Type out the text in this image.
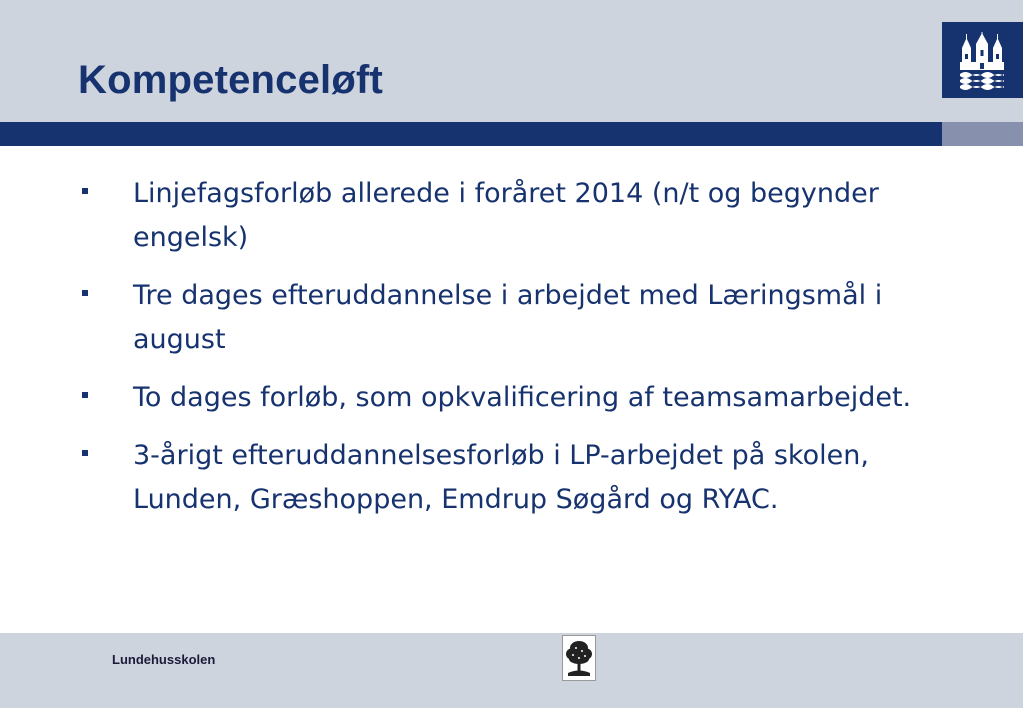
Kompetenceløft

Linjefagsforløb allerede i foråret 2014 (n/t og begynder engelsk)

Tre dages efteruddannelse i arbejdet med Læringsmål i august

To dages forløb, som opkvalificering af teamsamarbejdet.

3-årigt efteruddannelsesforløb i LP-arbejdet på skolen, Lunden, Græshoppen, Emdrup Søgård og RYAC.

Lundehusskolen
